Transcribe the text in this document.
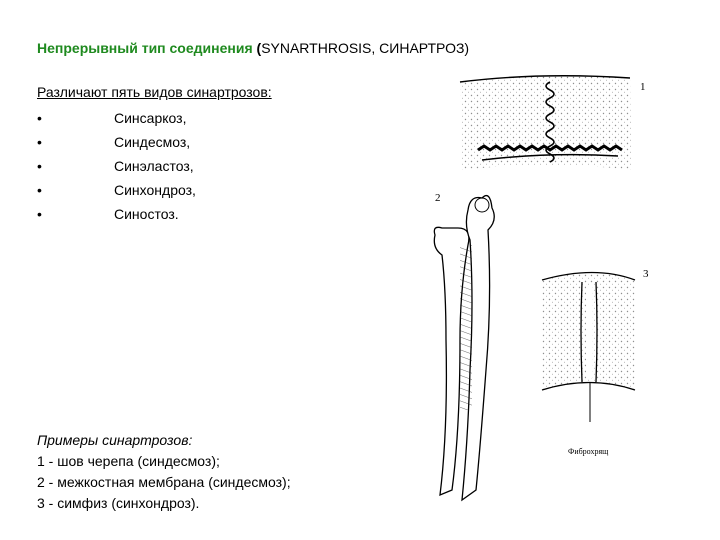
Непрерывный тип соединения (SYNARTHROSIS, СИНАРТРОЗ)
Различают пять видов синартрозов:
•	Синсаркоз,
•	Синдесмоз,
•	Синэластоз,
•	Синхондроз,
•	Синостоз.
Примеры синартрозов:
1 - шов черепа (синдесмоз);
2 - межкостная мембрана (синдесмоз);
3 - симфиз (синхондроз).
1
2
3
Фиброхрящ
